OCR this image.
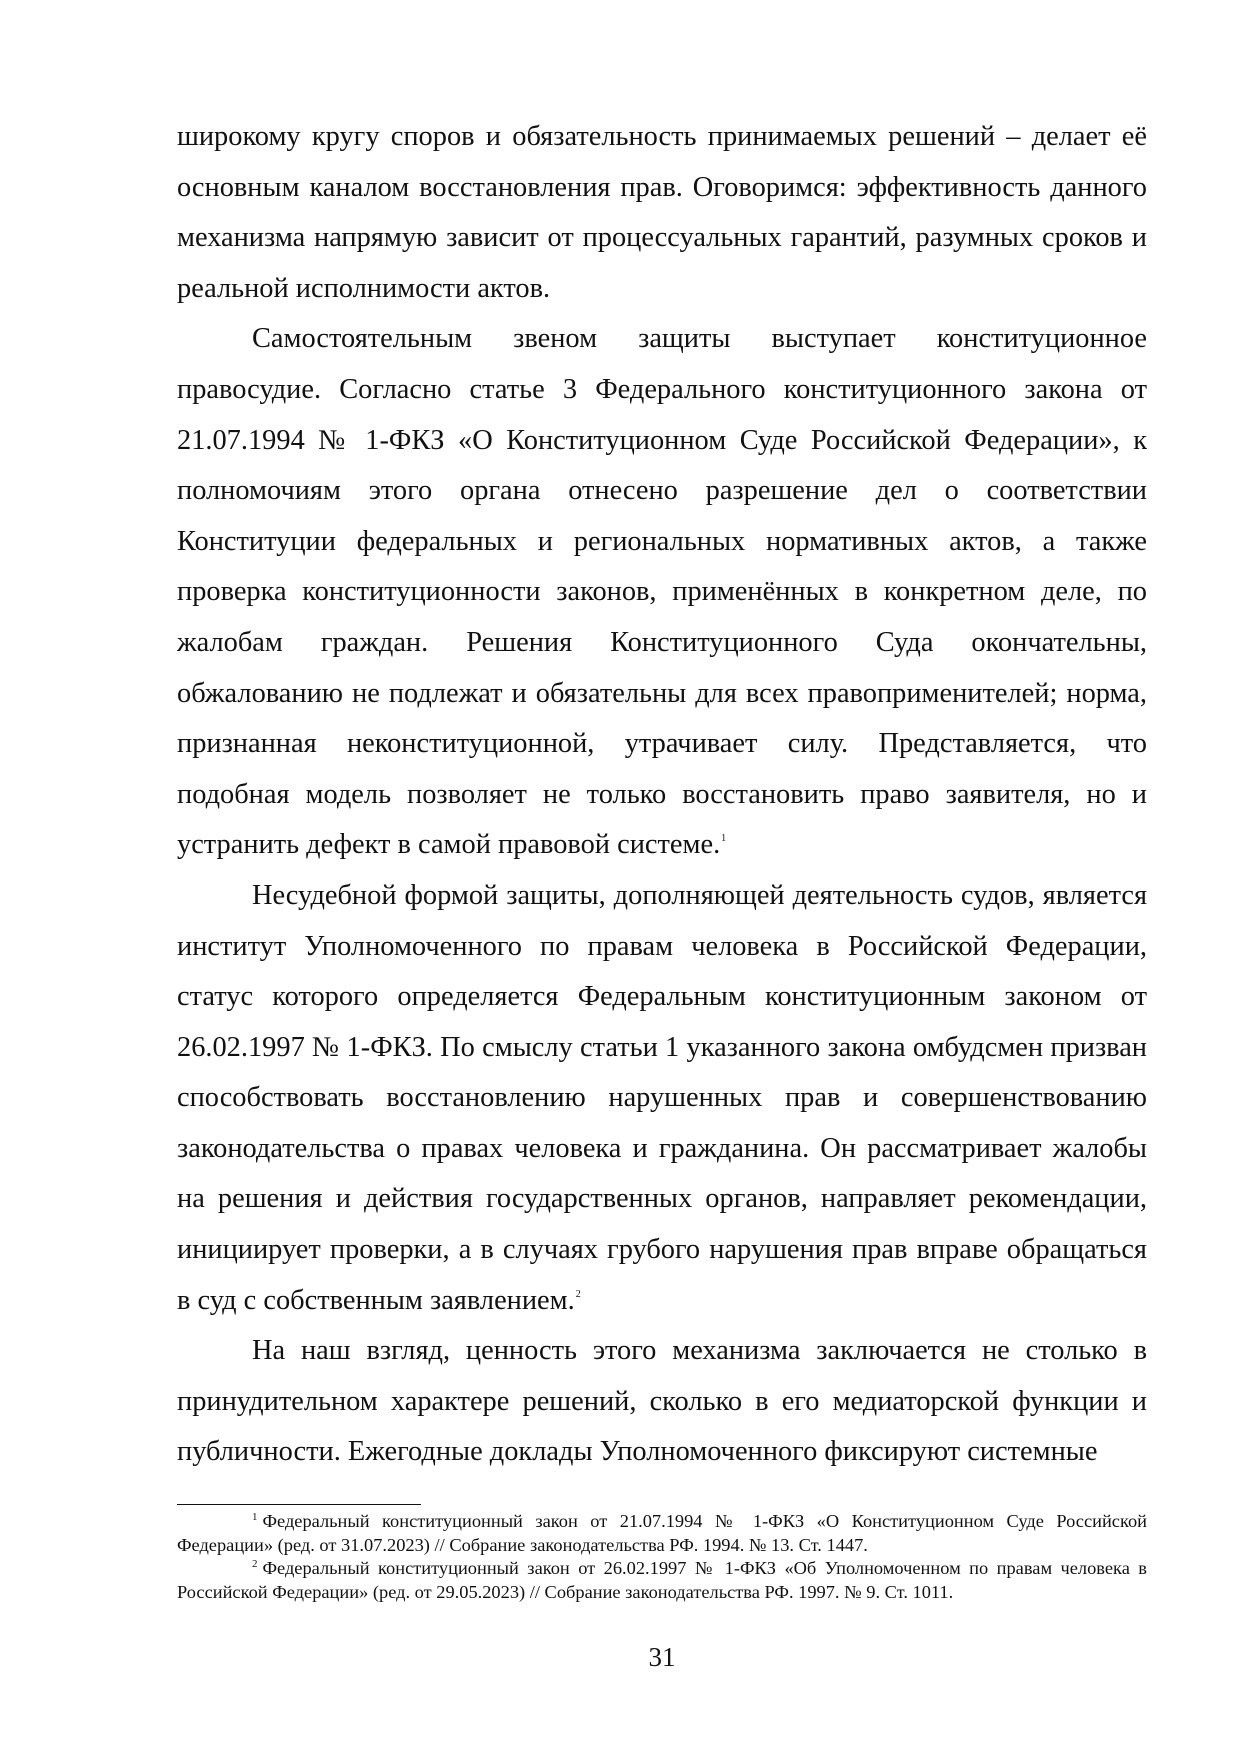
широкому кругу споров и обязательность принимаемых решений – делает её основным каналом восстановления прав. Оговоримся: эффективность данного механизма напрямую зависит от процессуальных гарантий, разумных сроков и реальной исполнимости актов.

Самостоятельным звеном защиты выступает конституционное правосудие. Согласно статье 3 Федерального конституционного закона от 21.07.1994 № 1-ФКЗ «О Конституционном Суде Российской Федерации», к полномочиям этого органа отнесено разрешение дел о соответствии Конституции федеральных и региональных нормативных актов, а также проверка конституционности законов, применённых в конкретном деле, по жалобам граждан. Решения Конституционного Суда окончательны, обжалованию не подлежат и обязательны для всех правоприменителей; норма, признанная неконституционной, утрачивает силу. Представляется, что подобная модель позволяет не только восстановить право заявителя, но и устранить дефект в самой правовой системе.$^1$

Несудебной формой защиты, дополняющей деятельность судов, является институт Уполномоченного по правам человека в Российской Федерации, статус которого определяется Федеральным конституционным законом от 26.02.1997 № 1-ФКЗ. По смыслу статьи 1 указанного закона омбудсмен призван способствовать восстановлению нарушенных прав и совершенствованию законодательства о правах человека и гражданина. Он рассматривает жалобы на решения и действия государственных органов, направляет рекомендации, инициирует проверки, а в случаях грубого нарушения прав вправе обращаться в суд с собственным заявлением.$^2$

На наш взгляд, ценность этого механизма заключается не столько в принудительном характере решений, сколько в его медиаторской функции и публичности. Ежегодные доклады Уполномоченного фиксируют системные

$^1$ Федеральный конституционный закон от 21.07.1994 № 1-ФКЗ «О Конституционном Суде Российской Федерации» (ред. от 31.07.2023) // Собрание законодательства РФ. 1994. № 13. Ст. 1447.

$^2$ Федеральный конституционный закон от 26.02.1997 № 1-ФКЗ «Об Уполномоченном по правам человека в Российской Федерации» (ред. от 29.05.2023) // Собрание законодательства РФ. 1997. № 9. Ст. 1011.

31
